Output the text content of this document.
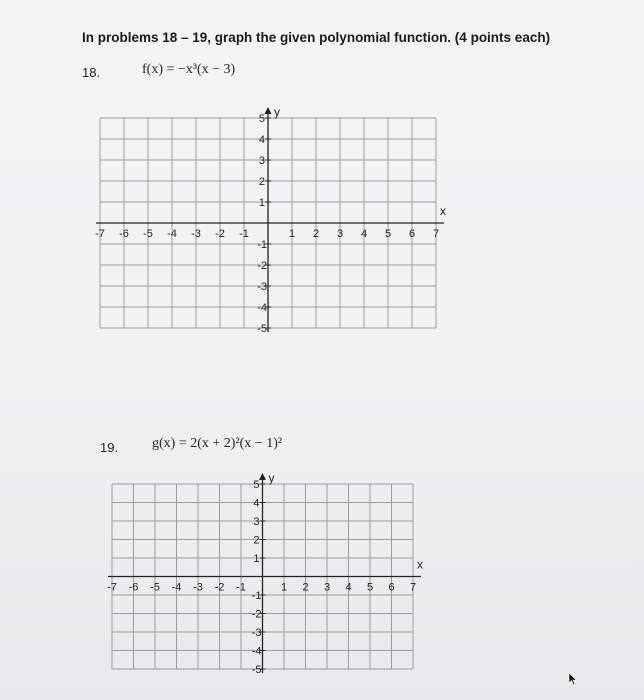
In problems 18 – 19, graph the given polynomial function. (4 points each)
18.	f(x) = −x³(x − 3)
y
x
-7 -6 -5 -4 -3 -2 -1	1 2 3 4 5 6 7
5
4
3
2
1
-1
-2
-3
-4
-5
19. g(x) = 2(x + 2)²(x − 1)²
y
x
-7 -6 -5 -4 -3 -2 -1	1 2 3 4 5 6 7
5
4
3
2
1
-1
-2
-3
-4
-5
